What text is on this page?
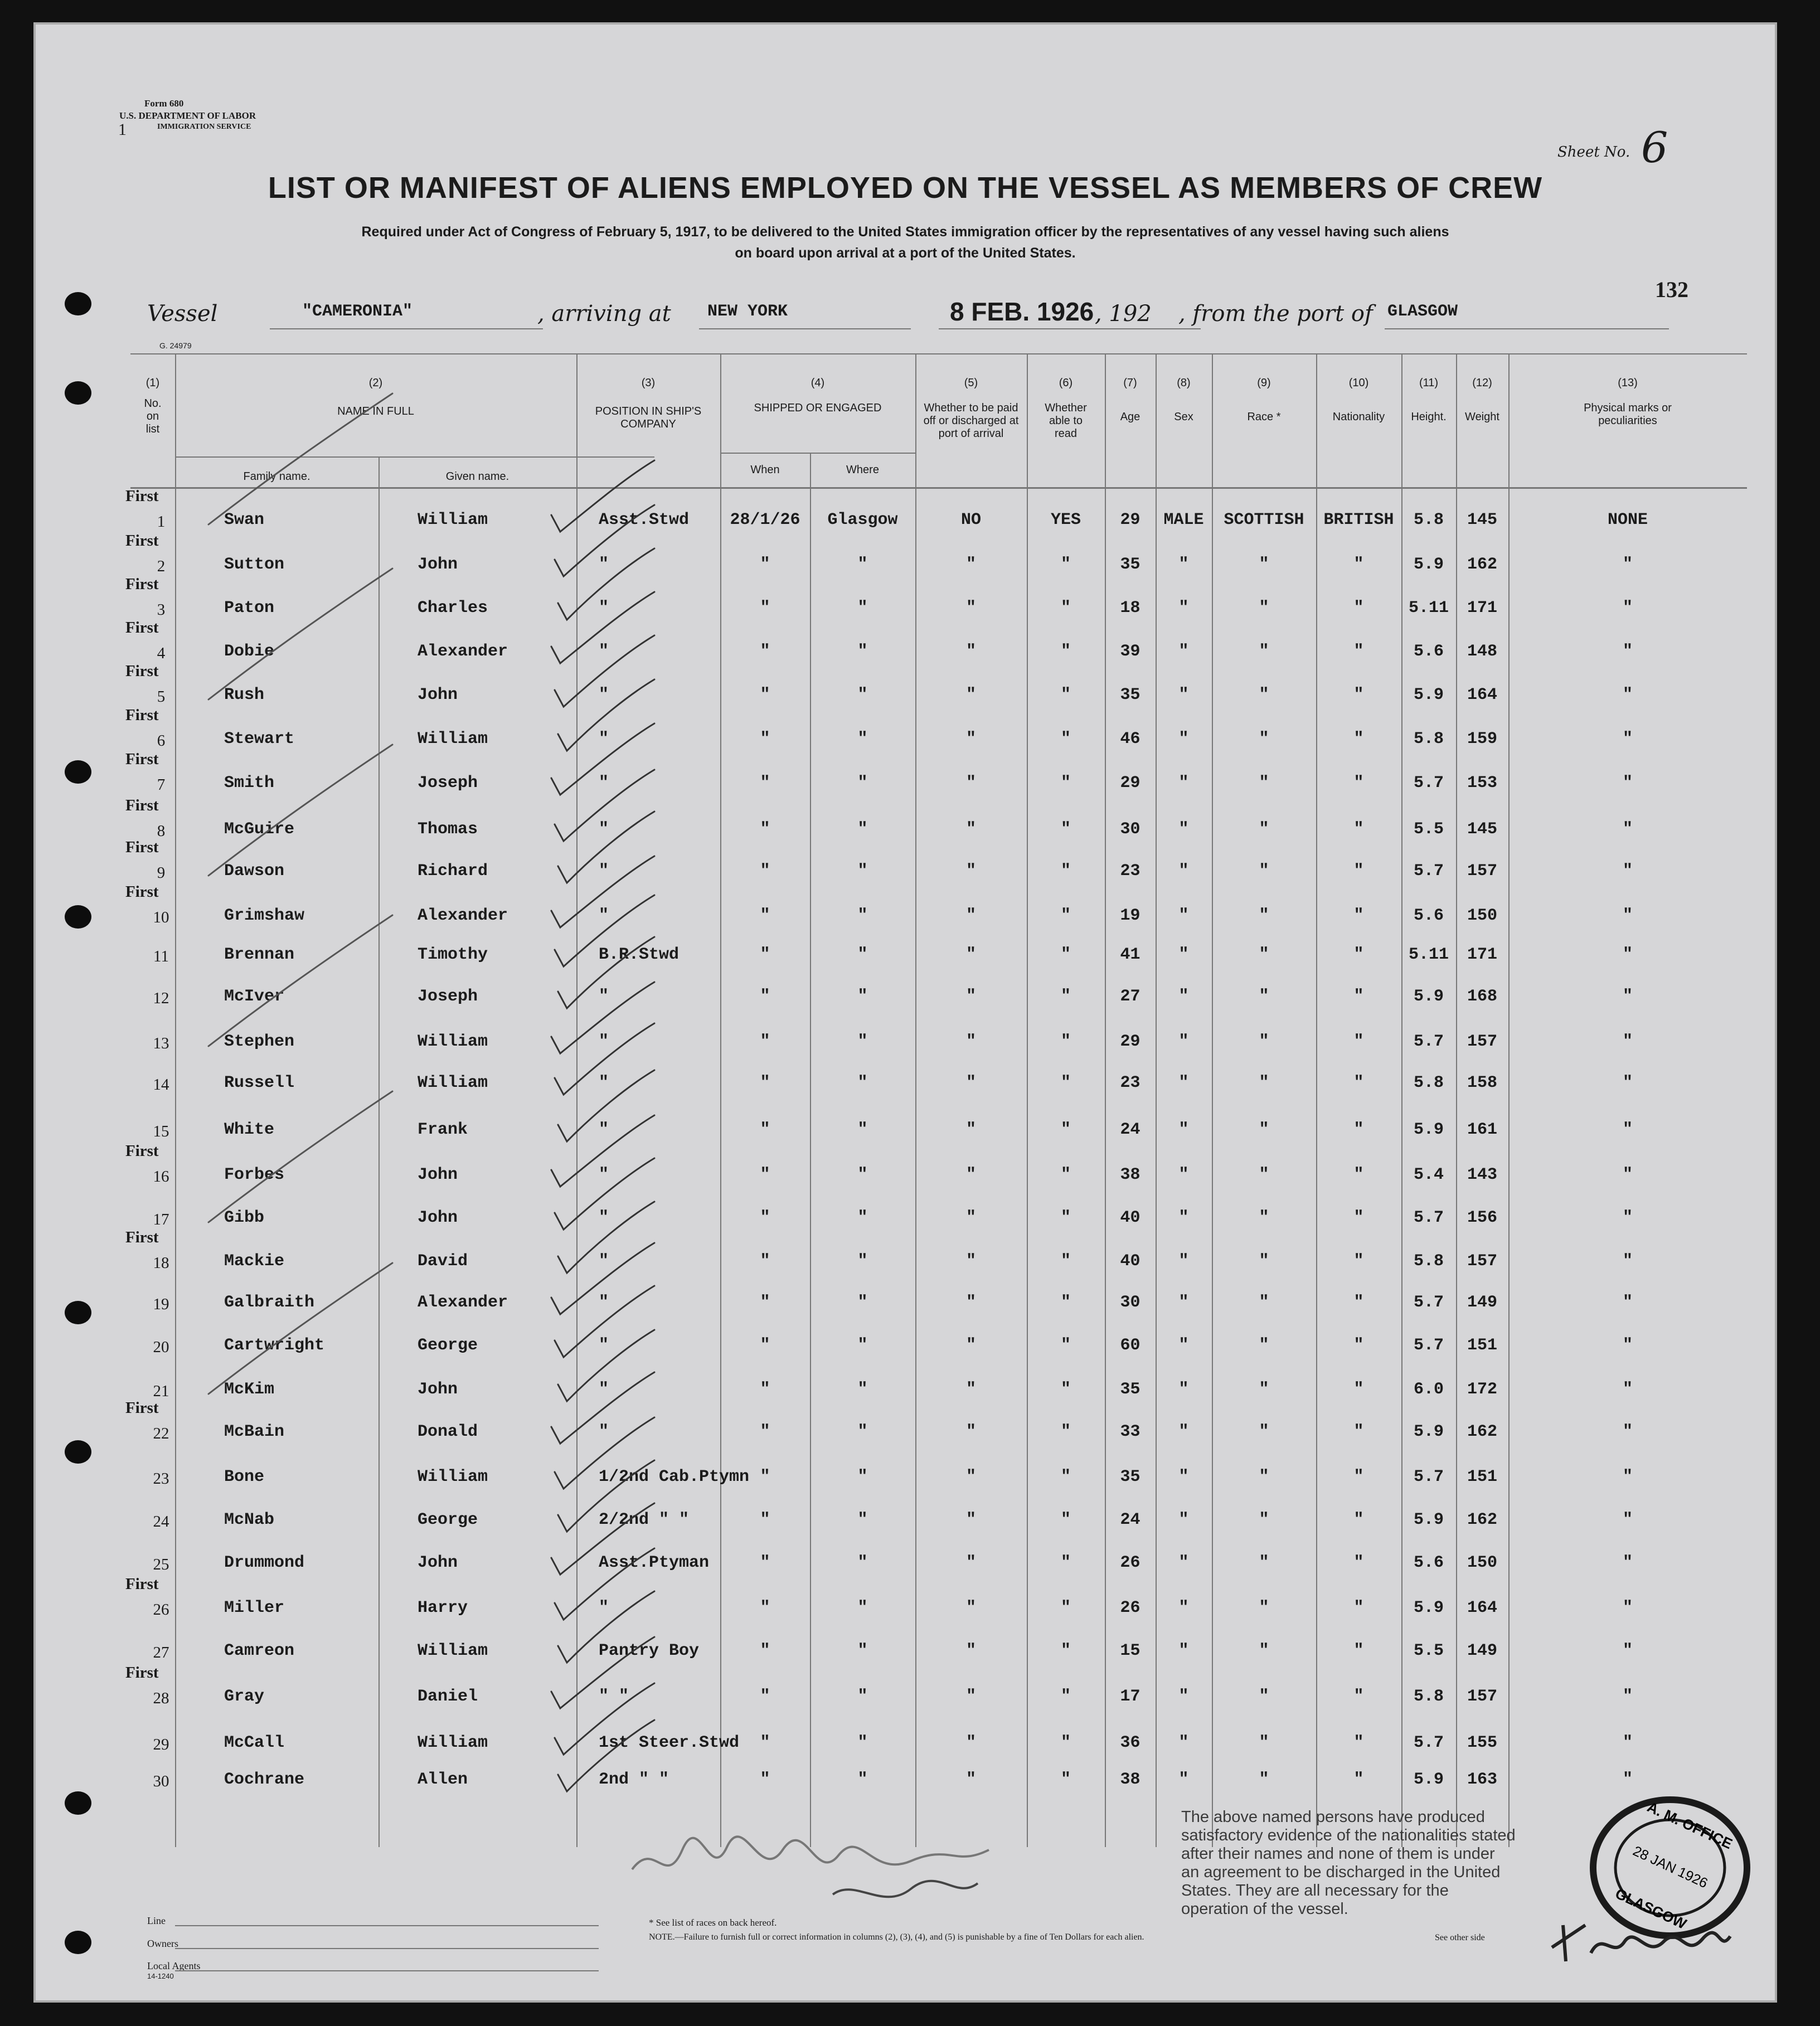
Form 680
U.S. DEPARTMENT OF LABOR
1	IMMIGRATION SERVICE
Sheet No. 6
LIST OR MANIFEST OF ALIENS EMPLOYED ON THE VESSEL AS MEMBERS OF CREW
Required under Act of Congress of February 5, 1917, to be delivered to the United States immigration officer by the representatives of any vessel having such aliens
on board upon arrival at a port of the United States.
132
Vessel	"CAMERONIA"	, arriving at NEW YORK	8 FEB. 1926 , 192 , from the port of GLASGOW
G. 24979
(1)
No. on list
(2)
NAME IN FULL
Family name.	Given name.
(3)
POSITION IN SHIP'S COMPANY
(4)
SHIPPED OR ENGAGED
When	Where
(5)
Whether to be paid off or discharged at port of arrival
(6)
Whether able to read
(7)
Age
(8)
Sex
(9)
Race *
(10)
Nationality
(11)
Height.
(12)
Weight
(13)
Physical marks or peculiarities
First
1	Swan	William	Asst.Stwd	28/1/26	Glasgow	NO	YES	29	MALE	SCOTTISH	BRITISH	5.8	145	NONE
First
2	Sutton	John	"	"	"	"	"	35	"	"	"	5.9	162	"
First
3	Paton	Charles	"	"	"	"	"	18	"	"	"	5.11	171	"
First
4	Dobie	Alexander	"	"	"	"	"	39	"	"	"	5.6	148	"
First
5	Rush	John	"	"	"	"	"	35	"	"	"	5.9	164	"
First
6	Stewart	William	"	"	"	"	"	46	"	"	"	5.8	159	"
First
7	Smith	Joseph	"	"	"	"	"	29	"	"	"	5.7	153	"
First
8	McGuire	Thomas	"	"	"	"	"	30	"	"	"	5.5	145	"
First
9	Dawson	Richard	"	"	"	"	"	23	"	"	"	5.7	157	"
First
10	Grimshaw	Alexander	"	"	"	"	"	19	"	"	"	5.6	150	"
11	Brennan	Timothy	B.R.Stwd	"	"	"	"	41	"	"	"	5.11	171	"
12	McIver	Joseph	"	"	"	"	"	27	"	"	"	5.9	168	"
13	Stephen	William	"	"	"	"	"	29	"	"	"	5.7	157	"
14	Russell	William	"	"	"	"	"	23	"	"	"	5.8	158	"
15	White	Frank	"	"	"	"	"	24	"	"	"	5.9	161	"
First
16	Forbes	John	"	"	"	"	"	38	"	"	"	5.4	143	"
17	Gibb	John	"	"	"	"	"	40	"	"	"	5.7	156	"
First
18	Mackie	David	"	"	"	"	"	40	"	"	"	5.8	157	"
19	Galbraith	Alexander	"	"	"	"	"	30	"	"	"	5.7	149	"
20	Cartwright	George	"	"	"	"	"	60	"	"	"	5.7	151	"
21	McKim	John	"	"	"	"	"	35	"	"	"	6.0	172	"
First
22	McBain	Donald	"	"	"	"	"	33	"	"	"	5.9	162	"
23	Bone	William	1/2nd Cab.Ptymn "	"	"	"	35	"	"	"	5.7	151	"
24	McNab	George	2/2nd " "	"	"	"	"	24	"	"	"	5.9	162	"
25	Drummond	John	Asst.Ptyman	"	"	"	"	26	"	"	"	5.6	150	"
First
26	Miller	Harry	"	"	"	"	"	26	"	"	"	5.9	164	"
27	Camreon	William	Pantry Boy	"	"	"	"	15	"	"	"	5.5	149	"
First
28	Gray	Daniel	" "	"	"	"	"	17	"	"	"	5.8	157	"
29	McCall	William	1st Steer.Stwd	"	"	"	"	36	"	"	"	5.7	155	"
30	Cochrane	Allen	2nd " "	"	"	"	"	38	"	"	"	5.9	163	"
The above named persons have produced satisfactory evidence of the nationalities stated after their names and none of them is under an agreement to be discharged in the United States. They are all necessary for the operation of the vessel.
A. M. OFFICE
28 JAN 1926
GLASGOW
Line
Owners
Local Agents
14-1240
* See list of races on back hereof.
NOTE.—Failure to furnish full or correct information in columns (2), (3), (4), and (5) is punishable by a fine of Ten Dollars for each alien.	See other side
